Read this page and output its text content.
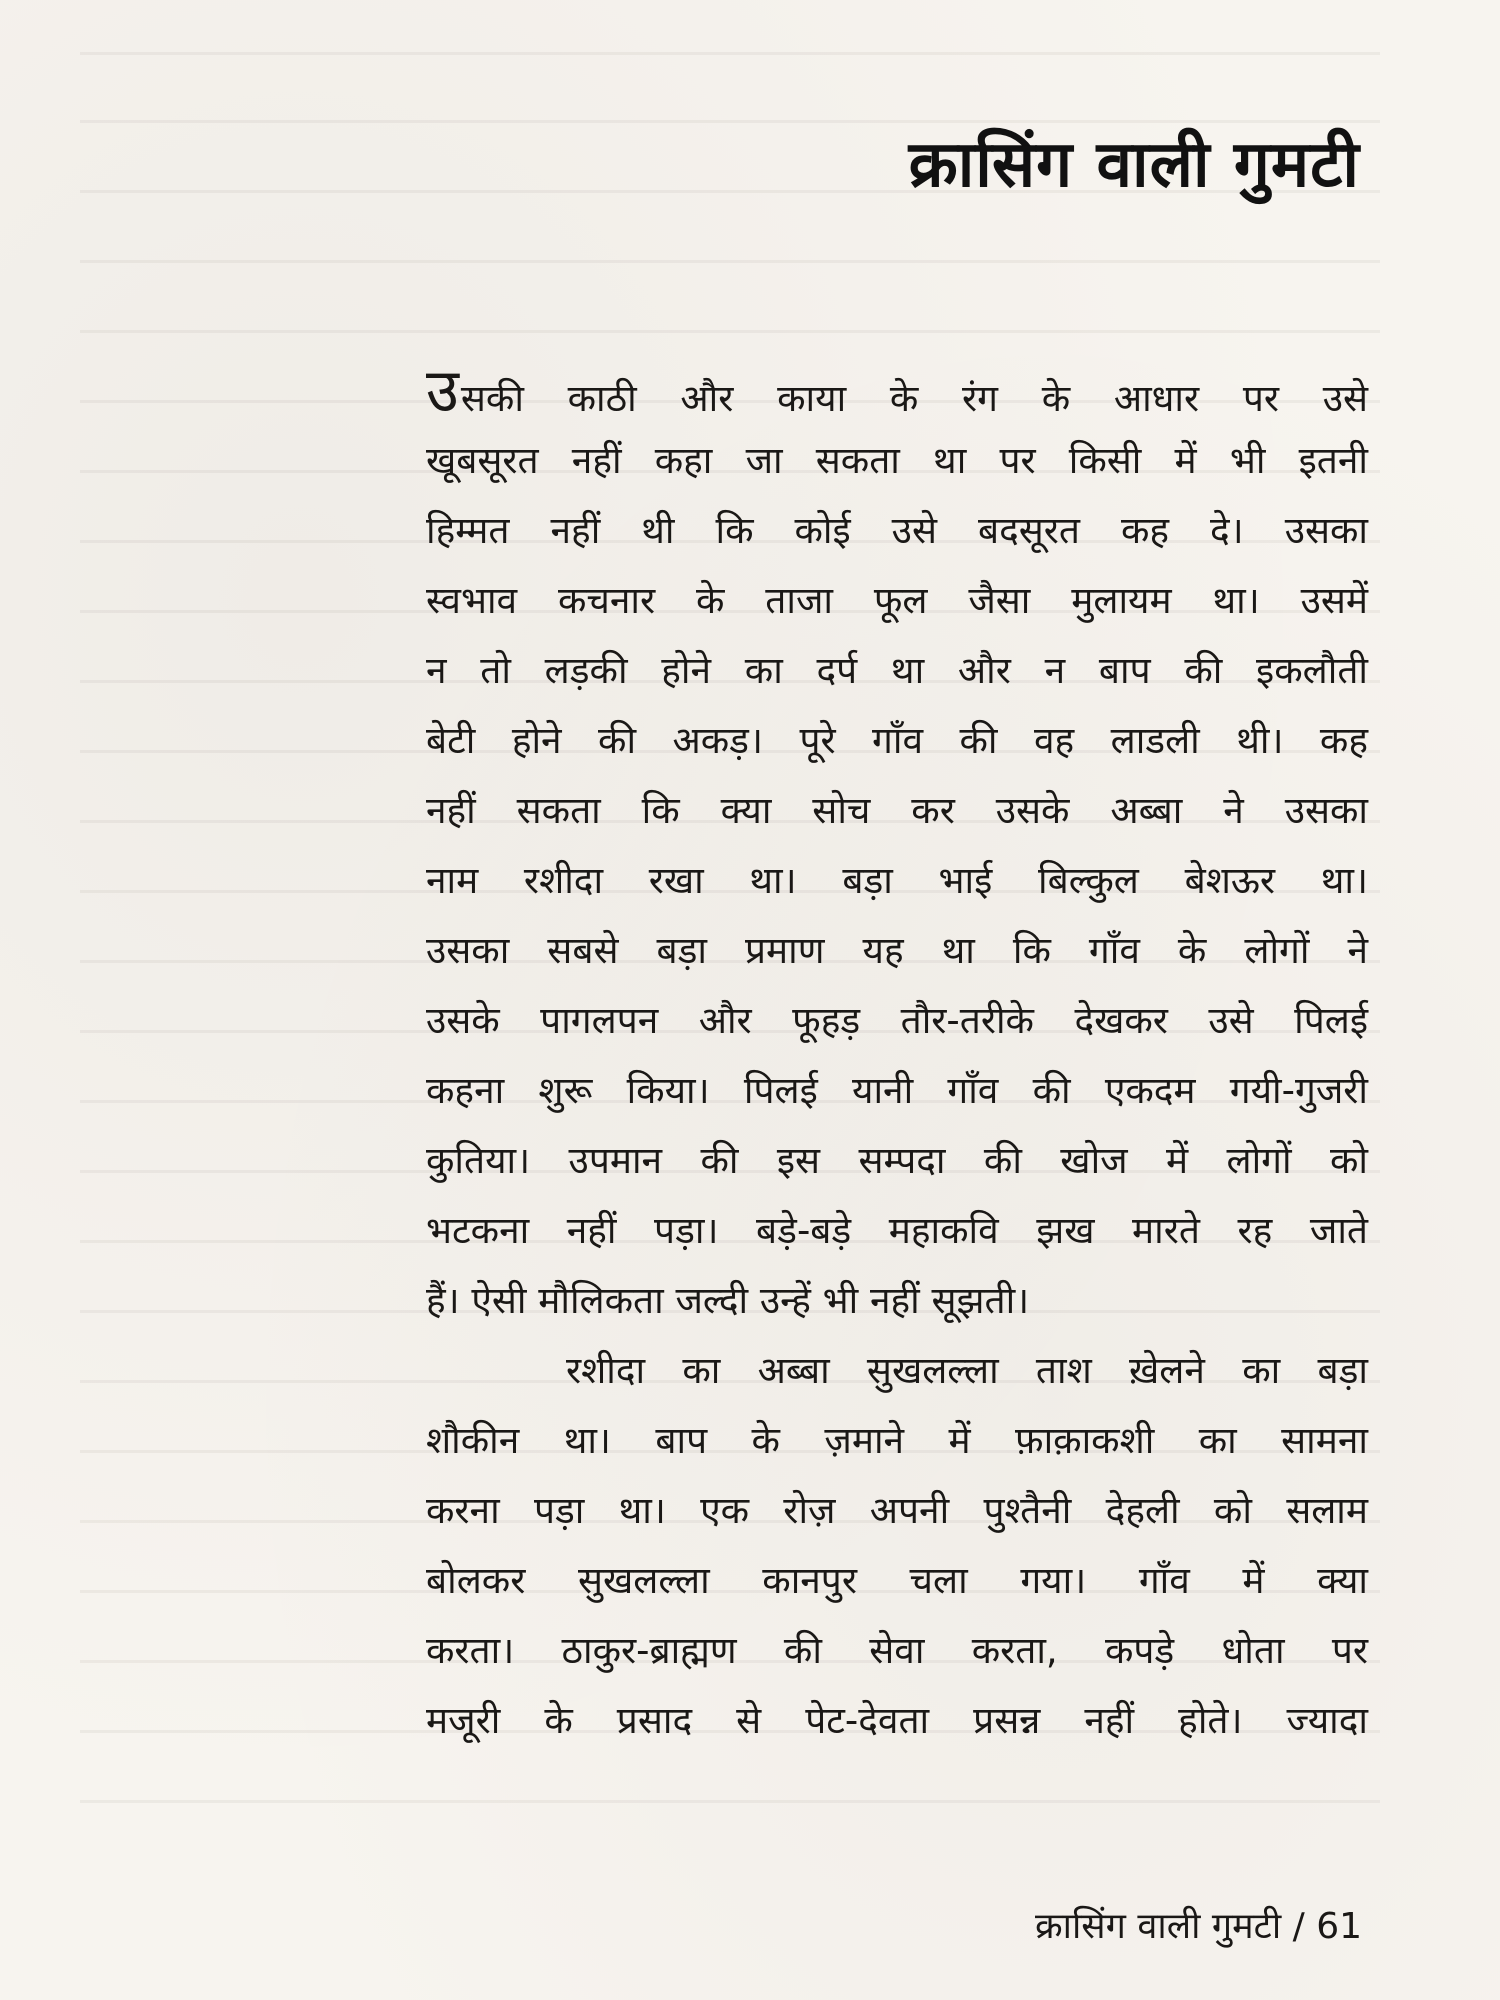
क्रासिंग वाली गुमटी
उसकी काठी और काया के रंग के आधार पर उसे
खूबसूरत नहीं कहा जा सकता था पर किसी में भी इतनी
हिम्मत नहीं थी कि कोई उसे बदसूरत कह दे। उसका
स्वभाव कचनार के ताजा फूल जैसा मुलायम था। उसमें
न तो लड़की होने का दर्प था और न बाप की इकलौती
बेटी होने की अकड़। पूरे गाँव की वह लाडली थी। कह
नहीं सकता कि क्या सोच कर उसके अब्बा ने उसका
नाम रशीदा रखा था। बड़ा भाई बिल्कुल बेशऊर था।
उसका सबसे बड़ा प्रमाण यह था कि गाँव के लोगों ने
उसके पागलपन और फूहड़ तौर-तरीके देखकर उसे पिलई
कहना शुरू किया। पिलई यानी गाँव की एकदम गयी-गुजरी
कुतिया। उपमान की इस सम्पदा की खोज में लोगों को
भटकना नहीं पड़ा। बड़े-बड़े महाकवि झख मारते रह जाते
हैं। ऐसी मौलिकता जल्दी उन्हें भी नहीं सूझती।
रशीदा का अब्बा सुखलल्ला ताश ख़ेलने का बड़ा
शौकीन था। बाप के ज़माने में फ़ाक़ाकशी का सामना
करना पड़ा था। एक रोज़ अपनी पुश्तैनी देहली को सलाम
बोलकर सुखलल्ला कानपुर चला गया। गाँव में क्या
करता। ठाकुर-ब्राह्मण की सेवा करता, कपड़े धोता पर
मजूरी के प्रसाद से पेट-देवता प्रसन्न नहीं होते। ज्यादा
क्रासिंग वाली गुमटी / 61
